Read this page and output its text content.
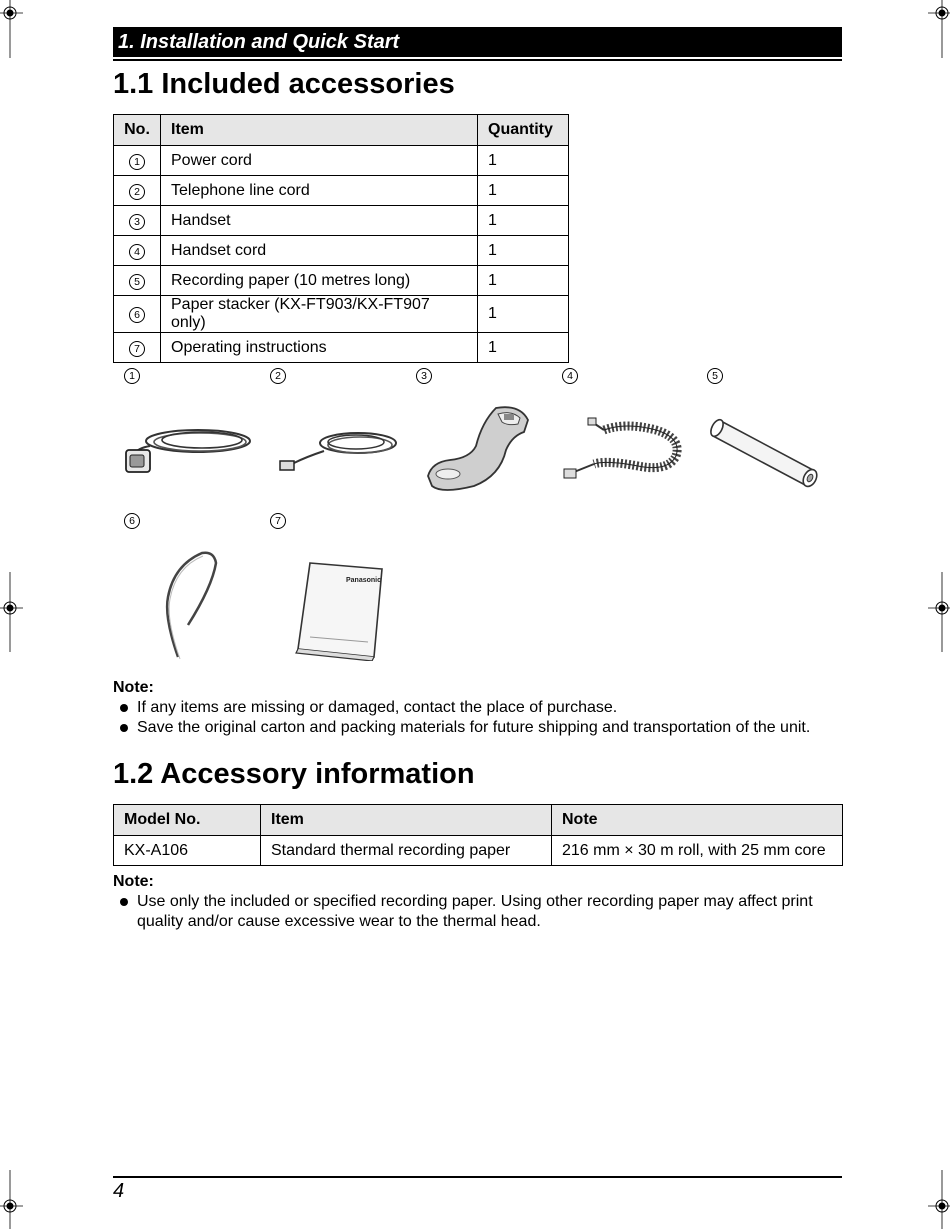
1. Installation and Quick Start
1.1 Included accessories
No.	Item	Quantity
1	Power cord	1
2	Telephone line cord	1
3	Handset	1
4	Handset cord	1
5	Recording paper (10 metres long)	1
6	Paper stacker (KX-FT903/KX-FT907 only)	1
7	Operating instructions	1
1	2	3	4	5
6	7
Panasonic
Note:
If any items are missing or damaged, contact the place of purchase.
Save the original carton and packing materials for future shipping and transportation of the unit.
1.2 Accessory information
Model No.	Item	Note
KX-A106	Standard thermal recording paper	216 mm × 30 m roll, with 25 mm core
Note:
Use only the included or specified recording paper. Using other recording paper may affect print
quality and/or cause excessive wear to the thermal head.
4
